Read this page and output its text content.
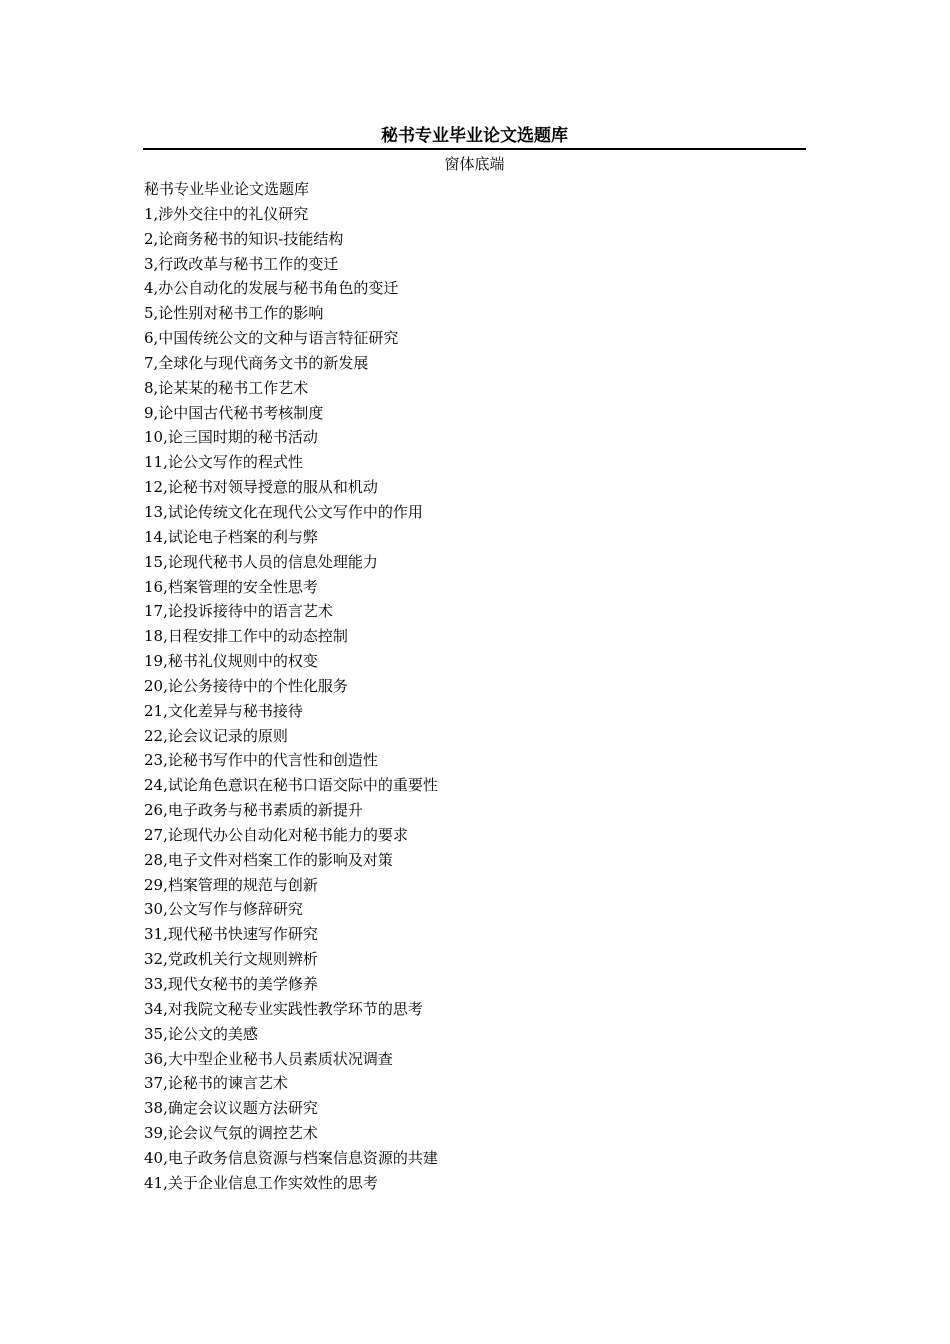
秘书专业毕业论文选题库
窗体底端
秘书专业毕业论文选题库
1,涉外交往中的礼仪研究
2,论商务秘书的知识-技能结构
3,行政改革与秘书工作的变迁
4,办公自动化的发展与秘书角色的变迁
5,论性别对秘书工作的影响
6,中国传统公文的文种与语言特征研究
7,全球化与现代商务文书的新发展
8,论某某的秘书工作艺术
9,论中国古代秘书考核制度
10,论三国时期的秘书活动
11,论公文写作的程式性
12,论秘书对领导授意的服从和机动
13,试论传统文化在现代公文写作中的作用
14,试论电子档案的利与弊
15,论现代秘书人员的信息处理能力
16,档案管理的安全性思考
17,论投诉接待中的语言艺术
18,日程安排工作中的动态控制
19,秘书礼仪规则中的权变
20,论公务接待中的个性化服务
21,文化差异与秘书接待
22,论会议记录的原则
23,论秘书写作中的代言性和创造性
24,试论角色意识在秘书口语交际中的重要性
26,电子政务与秘书素质的新提升
27,论现代办公自动化对秘书能力的要求
28,电子文件对档案工作的影响及对策
29,档案管理的规范与创新
30,公文写作与修辞研究
31,现代秘书快速写作研究
32,党政机关行文规则辨析
33,现代女秘书的美学修养
34,对我院文秘专业实践性教学环节的思考
35,论公文的美感
36,大中型企业秘书人员素质状况调查
37,论秘书的谏言艺术
38,确定会议议题方法研究
39,论会议气氛的调控艺术
40,电子政务信息资源与档案信息资源的共建
41,关于企业信息工作实效性的思考
